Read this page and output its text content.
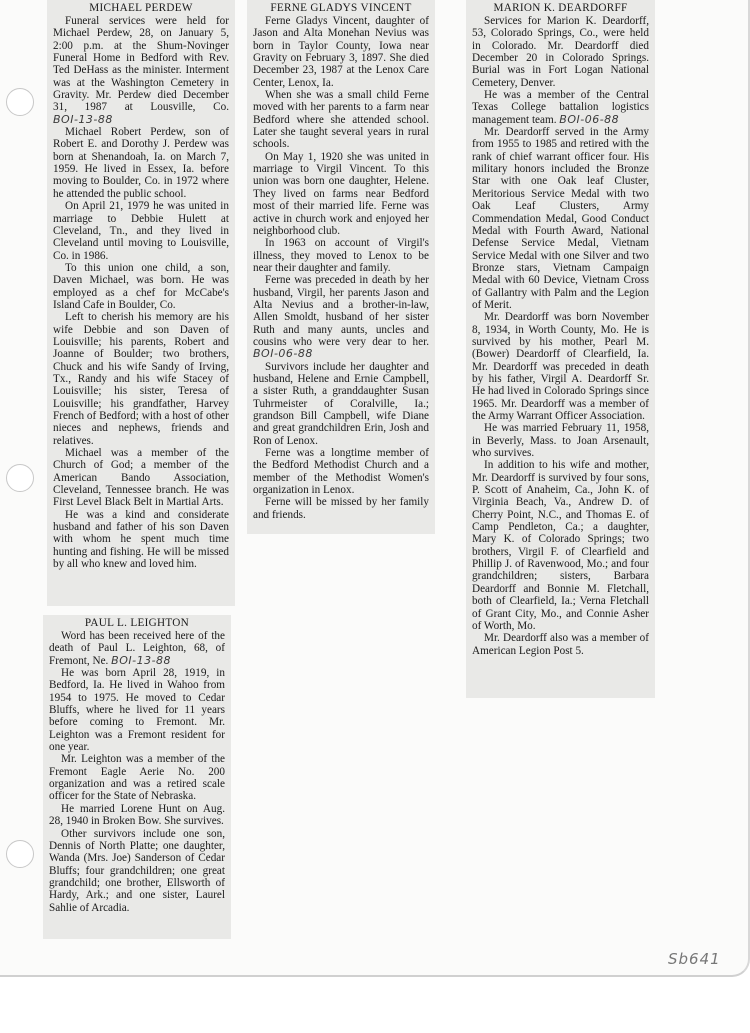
MICHAEL PERDEW

Funeral services were held for Michael Perdew, 28, on January 5, 2:00 p.m. at the Shum-Novinger Funeral Home in Bedford with Rev. Ted DeHass as the minister. Interment was at the Washington Cemetery in Gravity. Mr. Perdew died December 31, 1987 at Lousville, Co. BOI-13-88

Michael Robert Perdew, son of Robert E. and Dorothy J. Perdew was born at Shenandoah, Ia. on March 7, 1959. He lived in Essex, Ia. before moving to Boulder, Co. in 1972 where he attended the public school.

On April 21, 1979 he was united in marriage to Debbie Hulett at Cleveland, Tn., and they lived in Cleveland until moving to Louisville, Co. in 1986.

To this union one child, a son, Daven Michael, was born. He was employed as a chef for McCabe's Island Cafe in Boulder, Co.

Left to cherish his memory are his wife Debbie and son Daven of Louisville; his parents, Robert and Joanne of Boulder; two brothers, Chuck and his wife Sandy of Irving, Tx., Randy and his wife Stacey of Louisville; his sister, Teresa of Louisville; his grandfather, Harvey French of Bedford; with a host of other nieces and nephews, friends and relatives.

Michael was a member of the Church of God; a member of the American Bando Association, Cleveland, Tennessee branch. He was First Level Black Belt in Martial Arts.

He was a kind and considerate husband and father of his son Daven with whom he spent much time hunting and fishing. He will be missed by all who knew and loved him.

PAUL L. LEIGHTON

Word has been received here of the death of Paul L. Leighton, 68, of Fremont, Ne. BOI-13-88

He was born April 28, 1919, in Bedford, Ia. He lived in Wahoo from 1954 to 1975. He moved to Cedar Bluffs, where he lived for 11 years before coming to Fremont. Mr. Leighton was a Fremont resident for one year.

Mr. Leighton was a member of the Fremont Eagle Aerie No. 200 organization and was a retired scale officer for the State of Nebraska.

He married Lorene Hunt on Aug. 28, 1940 in Broken Bow. She survives.

Other survivors include one son, Dennis of North Platte; one daughter, Wanda (Mrs. Joe) Sanderson of Cedar Bluffs; four grandchildren; one great grandchild; one brother, Ellsworth of Hardy, Ark.; and one sister, Laurel Sahlie of Arcadia.

FERNE GLADYS VINCENT

Ferne Gladys Vincent, daughter of Jason and Alta Monehan Nevius was born in Taylor County, Iowa near Gravity on February 3, 1897. She died December 23, 1987 at the Lenox Care Center, Lenox, Ia.

When she was a small child Ferne moved with her parents to a farm near Bedford where she attended school. Later she taught several years in rural schools.

On May 1, 1920 she was united in marriage to Virgil Vincent. To this union was born one daughter, Helene. They lived on farms near Bedford most of their married life. Ferne was active in church work and enjoyed her neighborhood club.

In 1963 on account of Virgil's illness, they moved to Lenox to be near their daughter and family.

Ferne was preceded in death by her husband, Virgil, her parents Jason and Alta Nevius and a brother-in-law, Allen Smoldt, husband of her sister Ruth and many aunts, uncles and cousins who were very dear to her. BOI-06-88

Survivors include her daughter and husband, Helene and Ernie Campbell, a sister Ruth, a granddaughter Susan Tuhrmeister of Coralville, Ia.; grandson Bill Campbell, wife Diane and great grandchildren Erin, Josh and Ron of Lenox.

Ferne was a longtime member of the Bedford Methodist Church and a member of the Methodist Women's organization in Lenox.

Ferne will be missed by her family and friends.

MARION K. DEARDORFF

Services for Marion K. Deardorff, 53, Colorado Springs, Co., were held in Colorado. Mr. Deardorff died December 20 in Colorado Springs. Burial was in Fort Logan National Cemetery, Denver.

He was a member of the Central Texas College battalion logistics management team. BOI-06-88

Mr. Deardorff served in the Army from 1955 to 1985 and retired with the rank of chief warrant officer four. His military honors included the Bronze Star with one Oak leaf Cluster, Meritorious Service Medal with two Oak Leaf Clusters, Army Commendation Medal, Good Conduct Medal with Fourth Award, National Defense Service Medal, Vietnam Service Medal with one Silver and two Bronze stars, Vietnam Campaign Medal with 60 Device, Vietnam Cross of Gallantry with Palm and the Legion of Merit.

Mr. Deardorff was born November 8, 1934, in Worth County, Mo. He is survived by his mother, Pearl M. (Bower) Deardorff of Clearfield, Ia. Mr. Deardorff was preceded in death by his father, Virgil A. Deardorff Sr. He had lived in Colorado Springs since 1965. Mr. Deardorff was a member of the Army Warrant Officer Association.

He was married February 11, 1958, in Beverly, Mass. to Joan Arsenault, who survives.

In addition to his wife and mother, Mr. Deardorff is survived by four sons, P. Scott of Anaheim, Ca., John K. of Virginia Beach, Va., Andrew D. of Cherry Point, N.C., and Thomas E. of Camp Pendleton, Ca.; a daughter, Mary K. of Colorado Springs; two brothers, Virgil F. of Clearfield and Phillip J. of Ravenwood, Mo.; and four grandchildren; sisters, Barbara Deardorff and Bonnie M. Fletchall, both of Clearfield, Ia.; Verna Fletchall of Grant City, Mo., and Connie Asher of Worth, Mo.

Mr. Deardorff also was a member of American Legion Post 5.

Sb641
